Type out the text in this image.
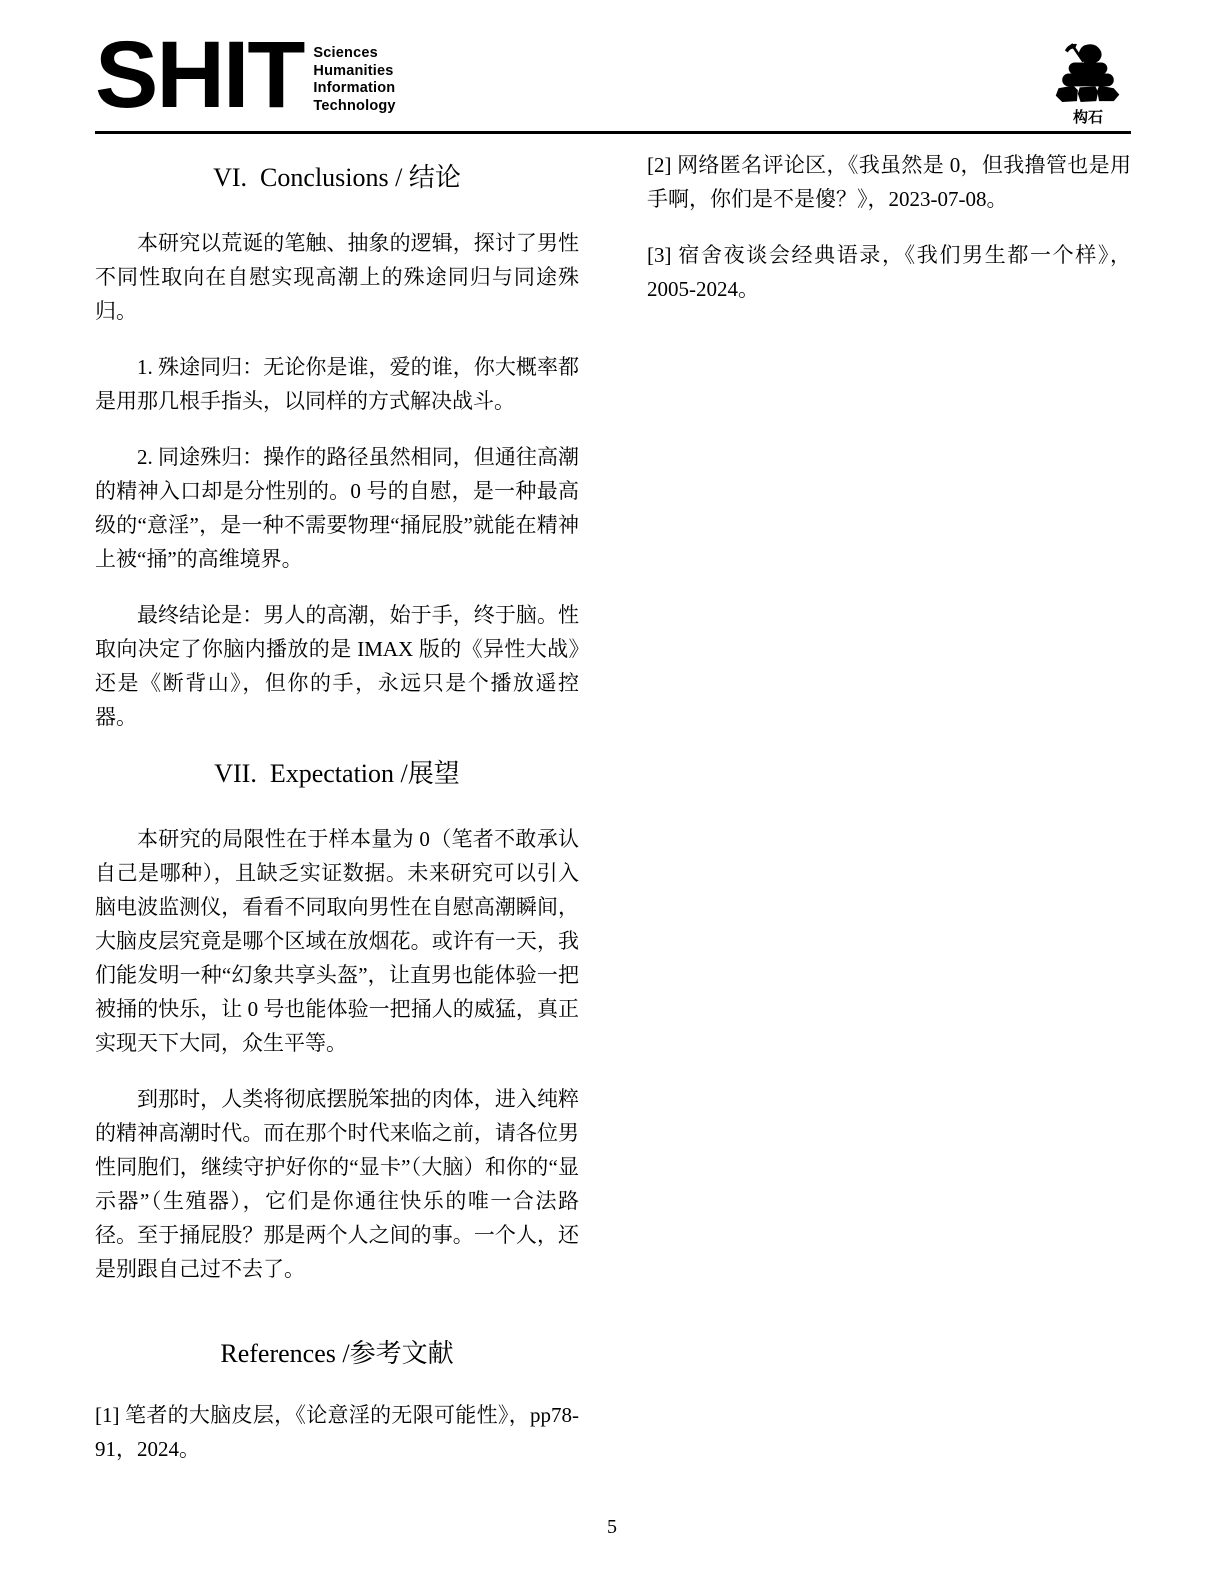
SHIT Sciences
Humanities
Information
Technology
构石
VI.  Conclusions / 结论

本研究以荒诞的笔触、抽象的逻辑，探讨了男性不同性取向在自慰实现高潮上的殊途同归与同途殊归。

1. 殊途同归：无论你是谁，爱的谁，你大概率都是用那几根手指头，以同样的方式解决战斗。

2. 同途殊归：操作的路径虽然相同，但通往高潮的精神入口却是分性别的。0 号的自慰，是一种最高级的“意淫”，是一种不需要物理“捅屁股”就能在精神上被“捅”的高维境界。

最终结论是：男人的高潮，始于手，终于脑。性取向决定了你脑内播放的是 IMAX 版的《异性大战》还是《断背山》，但你的手，永远只是个播放遥控器。

VII.  Expectation /展望

本研究的局限性在于样本量为 0（笔者不敢承认自己是哪种），且缺乏实证数据。未来研究可以引入脑电波监测仪，看看不同取向男性在自慰高潮瞬间，大脑皮层究竟是哪个区域在放烟花。或许有一天，我们能发明一种“幻象共享头盔”，让直男也能体验一把被捅的快乐，让 0 号也能体验一把捅人的威猛，真正实现天下大同，众生平等。

到那时，人类将彻底摆脱笨拙的肉体，进入纯粹的精神高潮时代。而在那个时代来临之前，请各位男性同胞们，继续守护好你的“显卡”（大脑）和你的“显示器”（生殖器），它们是你通往快乐的唯一合法路径。至于捅屁股？那是两个人之间的事。一个人，还是别跟自己过不去了。

References /参考文献

[1] 笔者的大脑皮层，《论意淫的无限可能性》，pp78-91，2024。

[2] 网络匿名评论区，《我虽然是 0，但我撸管也是用手啊，你们是不是傻？》，2023-07-08。

[3] 宿舍夜谈会经典语录，《我们男生都一个样》，2005-2024。

5
